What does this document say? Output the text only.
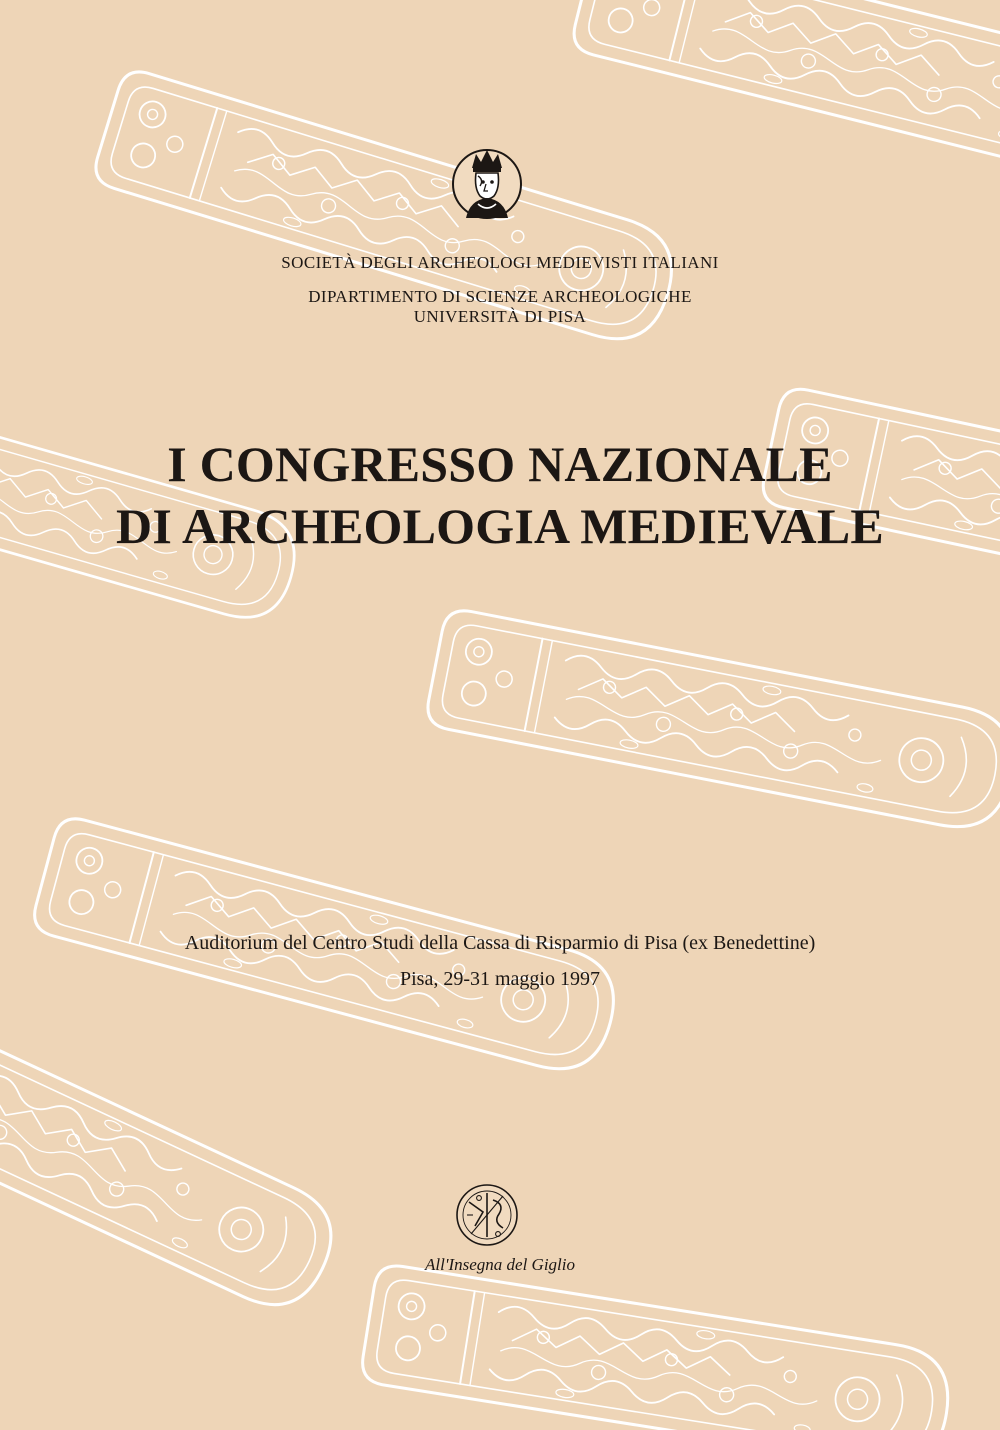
SOCIETÀ DEGLI ARCHEOLOGI MEDIEVISTI ITALIANI
DIPARTIMENTO DI SCIENZE ARCHEOLOGICHE
UNIVERSITÀ DI PISA
I CONGRESSO NAZIONALE
DI ARCHEOLOGIA MEDIEVALE
Auditorium del Centro Studi della Cassa di Risparmio di Pisa (ex Benedettine)
Pisa, 29-31 maggio 1997
All'Insegna del Giglio
